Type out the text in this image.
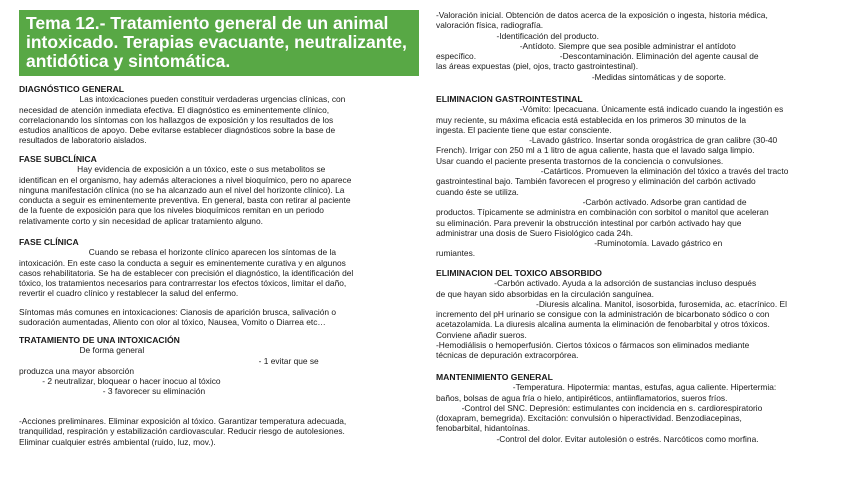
Tema 12.- Tratamiento general de un animal
intoxicado. Terapias evacuante, neutralizante,
antidótica y sintomática.
DIAGNÓSTICO GENERAL
Las intoxicaciones pueden constituir verdaderas urgencias clínicas, con
necesidad de atención inmediata efectiva. El diagnóstico es eminentemente clínico,
correlacionando los síntomas con los hallazgos de exposición y los resultados de los
estudios analíticos de apoyo. Debe evitarse establecer diagnósticos sobre la base de
resultados de laboratorio aislados.
FASE SUBCLÍNICA
Hay evidencia de exposición a un tóxico, este o sus metabolitos se
identifican en el organismo, hay además alteraciones a nivel bioquímico, pero no aparece
ninguna manifestación clínica (no se ha alcanzado aun el nivel del horizonte clínico). La
conducta a seguir es eminentemente preventiva. En general, basta con retirar al paciente
de la fuente de exposición para que los niveles bioquímicos remitan en un periodo
relativamente corto y sin necesidad de aplicar tratamiento alguno.
FASE CLÍNICA
Cuando se rebasa el horizonte clínico aparecen los síntomas de la
intoxicación. En este caso la conducta a seguir es eminentemente curativa y en algunos
casos rehabilitatoria. Se ha de establecer con precisión el diagnóstico, la identificación del
tóxico, los tratamientos necesarios para contrarrestar los efectos tóxicos, limitar el daño,
revertir el cuadro clínico y restablecer la salud del enfermo.
Síntomas más comunes en intoxicaciones: Cianosis de aparición brusca, salivación o
sudoración aumentadas, Aliento con olor al tóxico, Nausea, Vomito o Diarrea etc…
TRATAMIENTO DE UNA INTOXICACIÓN
De forma general
- 1 evitar que se
produzca una mayor absorción
- 2 neutralizar, bloquear o hacer inocuo al tóxico
- 3 favorecer su eliminación
-Acciones preliminares. Eliminar exposición al tóxico. Garantizar temperatura adecuada,
tranquilidad, respiración y estabilización cardiovascular. Reducir riesgo de autolesiones.
Eliminar cualquier estrés ambiental (ruido, luz, mov.).
-Valoración inicial. Obtención de datos acerca de la exposición o ingesta, historia médica,
valoración física, radiografía.
-Identificación del producto.
-Antídoto. Siempre que sea posible administrar el antídoto
específico.                                    -Descontaminación. Eliminación del agente causal de
las áreas expuestas (piel, ojos, tracto gastrointestinal).
-Medidas sintomáticas y de soporte.
ELIMINACION GASTROINTESTINAL
-Vómito: Ipecacuana. Únicamente está indicado cuando la ingestión es
muy reciente, su máxima eficacia está establecida en los primeros 30 minutos de la
ingesta. El paciente tiene que estar consciente.
-Lavado gástrico. Insertar sonda orogástrica de gran calibre (30-40
French). Irrigar con 250 ml a 1 litro de agua caliente, hasta que el lavado salga limpio.
Usar cuando el paciente presenta trastornos de la conciencia o convulsiones.
-Catárticos. Promueven la eliminación del tóxico a través del tracto
gastrointestinal bajo. También favorecen el progreso y eliminación del carbón activado
cuando éste se utiliza.
-Carbón activado. Adsorbe gran cantidad de
productos. Típicamente se administra en combinación con sorbitol o manitol que aceleran
su eliminación. Para prevenir la obstrucción intestinal por carbón activado hay que
administrar una dosis de Suero Fisiológico cada 24h.
-Ruminotomía. Lavado gástrico en
rumiantes.
ELIMINACION DEL TOXICO ABSORBIDO
-Carbón activado. Ayuda a la adsorción de sustancias incluso después
de que hayan sido absorbidas en la circulación sanguínea.
-Diuresis alcalina. Manitol, isosorbida, furosemida, ac. etacrínico. El
incremento del pH urinario se consigue con la administración de bicarbonato sódico o con
acetazolamida. La diuresis alcalina aumenta la eliminación de fenobarbital y otros tóxicos.
Conviene añadir sueros.
-Hemodiálisis o hemoperfusión. Ciertos tóxicos o fármacos son eliminados mediante
técnicas de depuración extracorpórea.
MANTENIMIENTO GENERAL
-Temperatura. Hipotermia: mantas, estufas, agua caliente. Hipertermia:
baños, bolsas de agua fría o hielo, antipiréticos, antiinflamatorios, sueros fríos.
-Control del SNC. Depresión: estimulantes con incidencia en s. cardiorespiratorio
(doxapram, bemegrida). Excitación: convulsión o hiperactividad. Benzodiacepinas,
fenobarbital, hidantoínas.
-Control del dolor. Evitar autolesión o estrés. Narcóticos como morfina.
